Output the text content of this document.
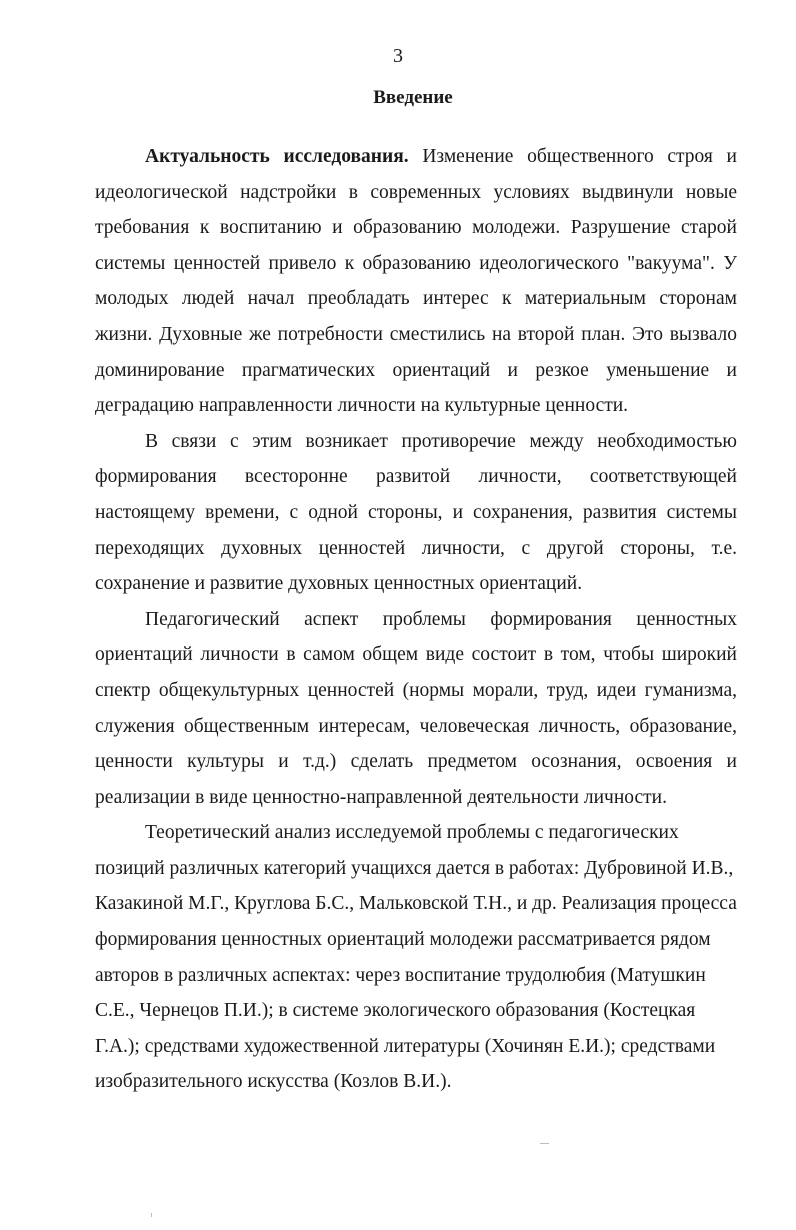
3
Введение

Актуальность исследования. Изменение общественного строя и идеологической надстройки в современных условиях выдвинули новые требования к воспитанию и образованию молодежи. Разрушение старой системы ценностей привело к образованию идеологического "вакуума". У молодых людей начал преобладать интерес к материальным сторонам жизни. Духовные же потребности сместились на второй план. Это вызвало доминирование прагматических ориентаций и резкое уменьшение и деградацию направленности личности на культурные ценности.

В связи с этим возникает противоречие между необходимостью формирования всесторонне развитой личности, соответствующей настоящему времени, с одной стороны, и сохранения, развития системы переходящих духовных ценностей личности, с другой стороны, т.е. сохранение и развитие духовных ценностных ориентаций.

Педагогический аспект проблемы формирования ценностных ориентаций личности в самом общем виде состоит в том, чтобы широкий спектр общекультурных ценностей (нормы морали, труд, идеи гуманизма, служения общественным интересам, человеческая личность, образование, ценности культуры и т.д.) сделать предметом осознания, освоения и реализации в виде ценностно-направленной деятельности личности.

Теоретический анализ исследуемой проблемы с педагогических позиций различных категорий учащихся дается в работах: Дубровиной И.В., Казакиной М.Г., Круглова Б.С., Мальковской Т.Н., и др. Реализация процесса формирования ценностных ориентаций молодежи рассматривается рядом авторов в различных аспектах: через воспитание трудолюбия (Матушкин С.Е., Чернецов П.И.); в системе экологического образования (Костецкая Г.А.); средствами художественной литературы (Хочинян Е.И.); средствами изобразительного искусства (Козлов В.И.).
